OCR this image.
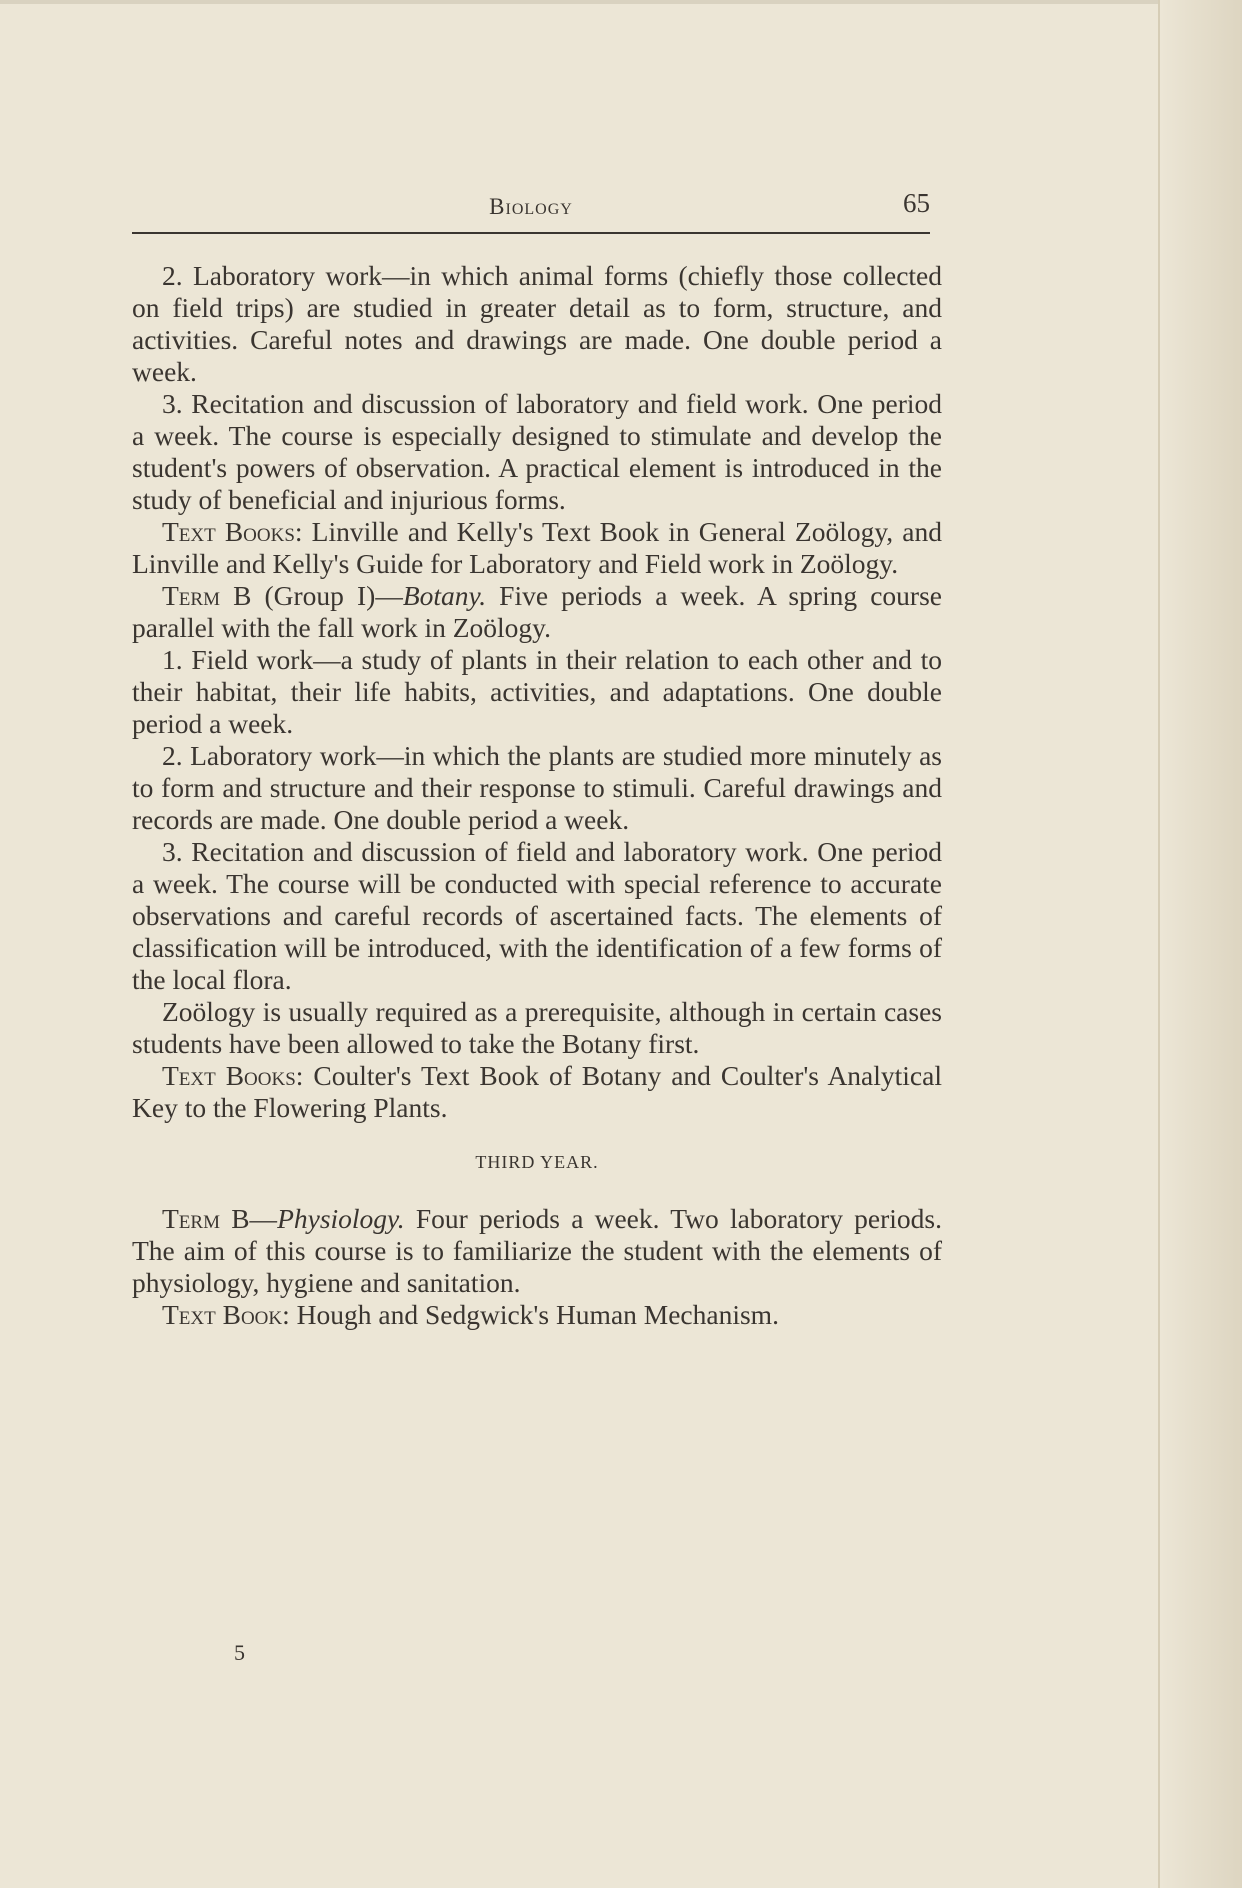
Biology	65

2. Laboratory work—in which animal forms (chiefly those collected on field trips) are studied in greater detail as to form, structure, and activities. Careful notes and drawings are made. One double period a week.

3. Recitation and discussion of laboratory and field work. One period a week. The course is especially designed to stimulate and develop the student's powers of observation. A practical element is introduced in the study of beneficial and injurious forms.

Text Books: Linville and Kelly's Text Book in General Zoölogy, and Linville and Kelly's Guide for Laboratory and Field work in Zoölogy.

Term B (Group I)—Botany. Five periods a week. A spring course parallel with the fall work in Zoölogy.

1. Field work—a study of plants in their relation to each other and to their habitat, their life habits, activities, and adaptations. One double period a week.

2. Laboratory work—in which the plants are studied more minutely as to form and structure and their response to stimuli. Careful drawings and records are made. One double period a week.

3. Recitation and discussion of field and laboratory work. One period a week. The course will be conducted with special reference to accurate observations and careful records of ascertained facts. The elements of classification will be introduced, with the identification of a few forms of the local flora.

Zoölogy is usually required as a prerequisite, although in certain cases students have been allowed to take the Botany first.

Text Books: Coulter's Text Book of Botany and Coulter's Analytical Key to the Flowering Plants.

THIRD YEAR.

Term B—Physiology. Four periods a week. Two laboratory periods. The aim of this course is to familiarize the student with the elements of physiology, hygiene and sanitation.

Text Book: Hough and Sedgwick's Human Mechanism.

5
